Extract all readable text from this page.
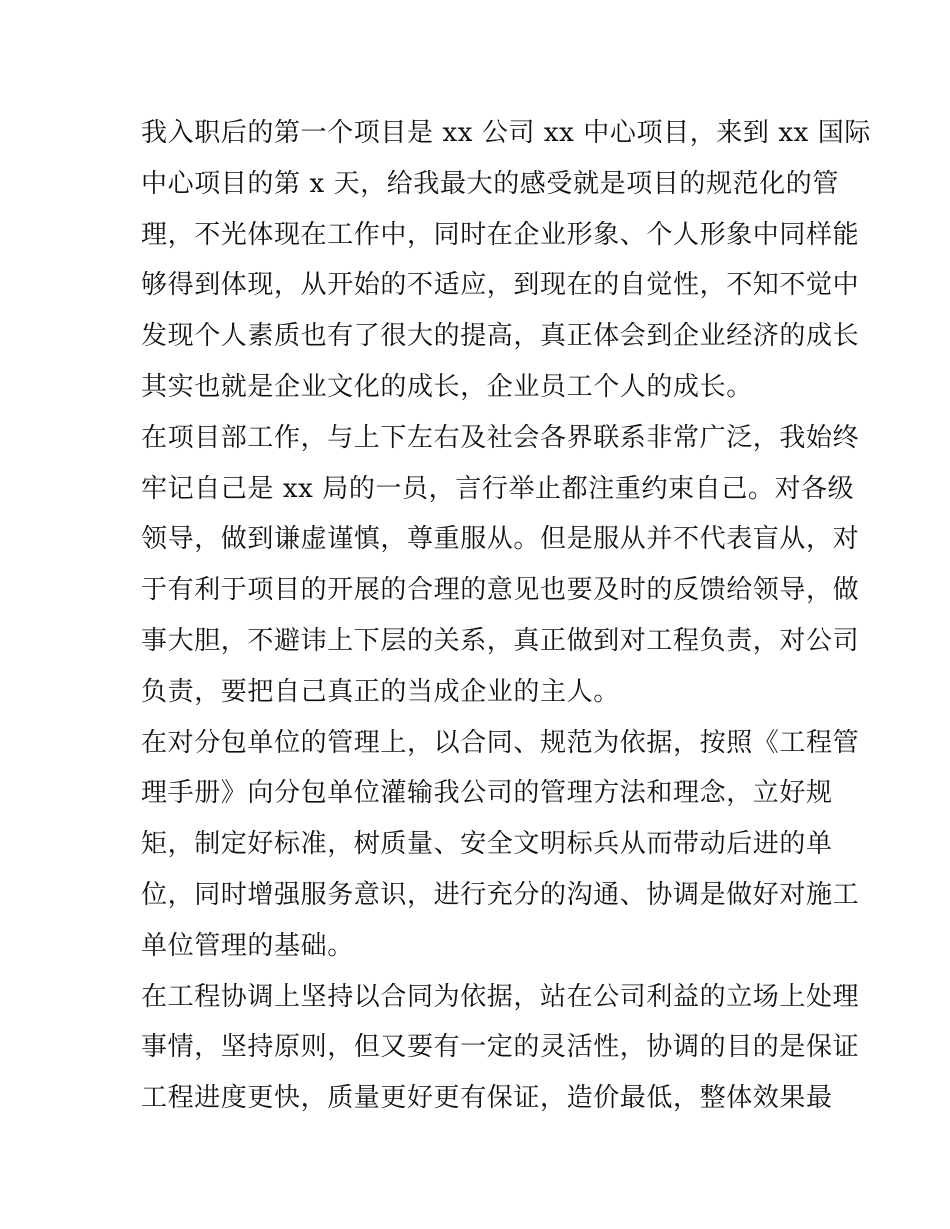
我入职后的第一个项目是 xx 公司 xx 中心项目，来到 xx 国际
中心项目的第 x 天，给我最大的感受就是项目的规范化的管
理，不光体现在工作中，同时在企业形象、个人形象中同样能
够得到体现，从开始的不适应，到现在的自觉性，不知不觉中
发现个人素质也有了很大的提高，真正体会到企业经济的成长
其实也就是企业文化的成长，企业员工个人的成长。
在项目部工作，与上下左右及社会各界联系非常广泛，我始终
牢记自己是 xx 局的一员，言行举止都注重约束自己。对各级
领导，做到谦虚谨慎，尊重服从。但是服从并不代表盲从，对
于有利于项目的开展的合理的意见也要及时的反馈给领导，做
事大胆，不避讳上下层的关系，真正做到对工程负责，对公司
负责，要把自己真正的当成企业的主人。
在对分包单位的管理上，以合同、规范为依据，按照《工程管
理手册》向分包单位灌输我公司的管理方法和理念，立好规
矩，制定好标准，树质量、安全文明标兵从而带动后进的单
位，同时增强服务意识，进行充分的沟通、协调是做好对施工
单位管理的基础。
在工程协调上坚持以合同为依据，站在公司利益的立场上处理
事情，坚持原则，但又要有一定的灵活性，协调的目的是保证
工程进度更快，质量更好更有保证，造价最低，整体效果最
